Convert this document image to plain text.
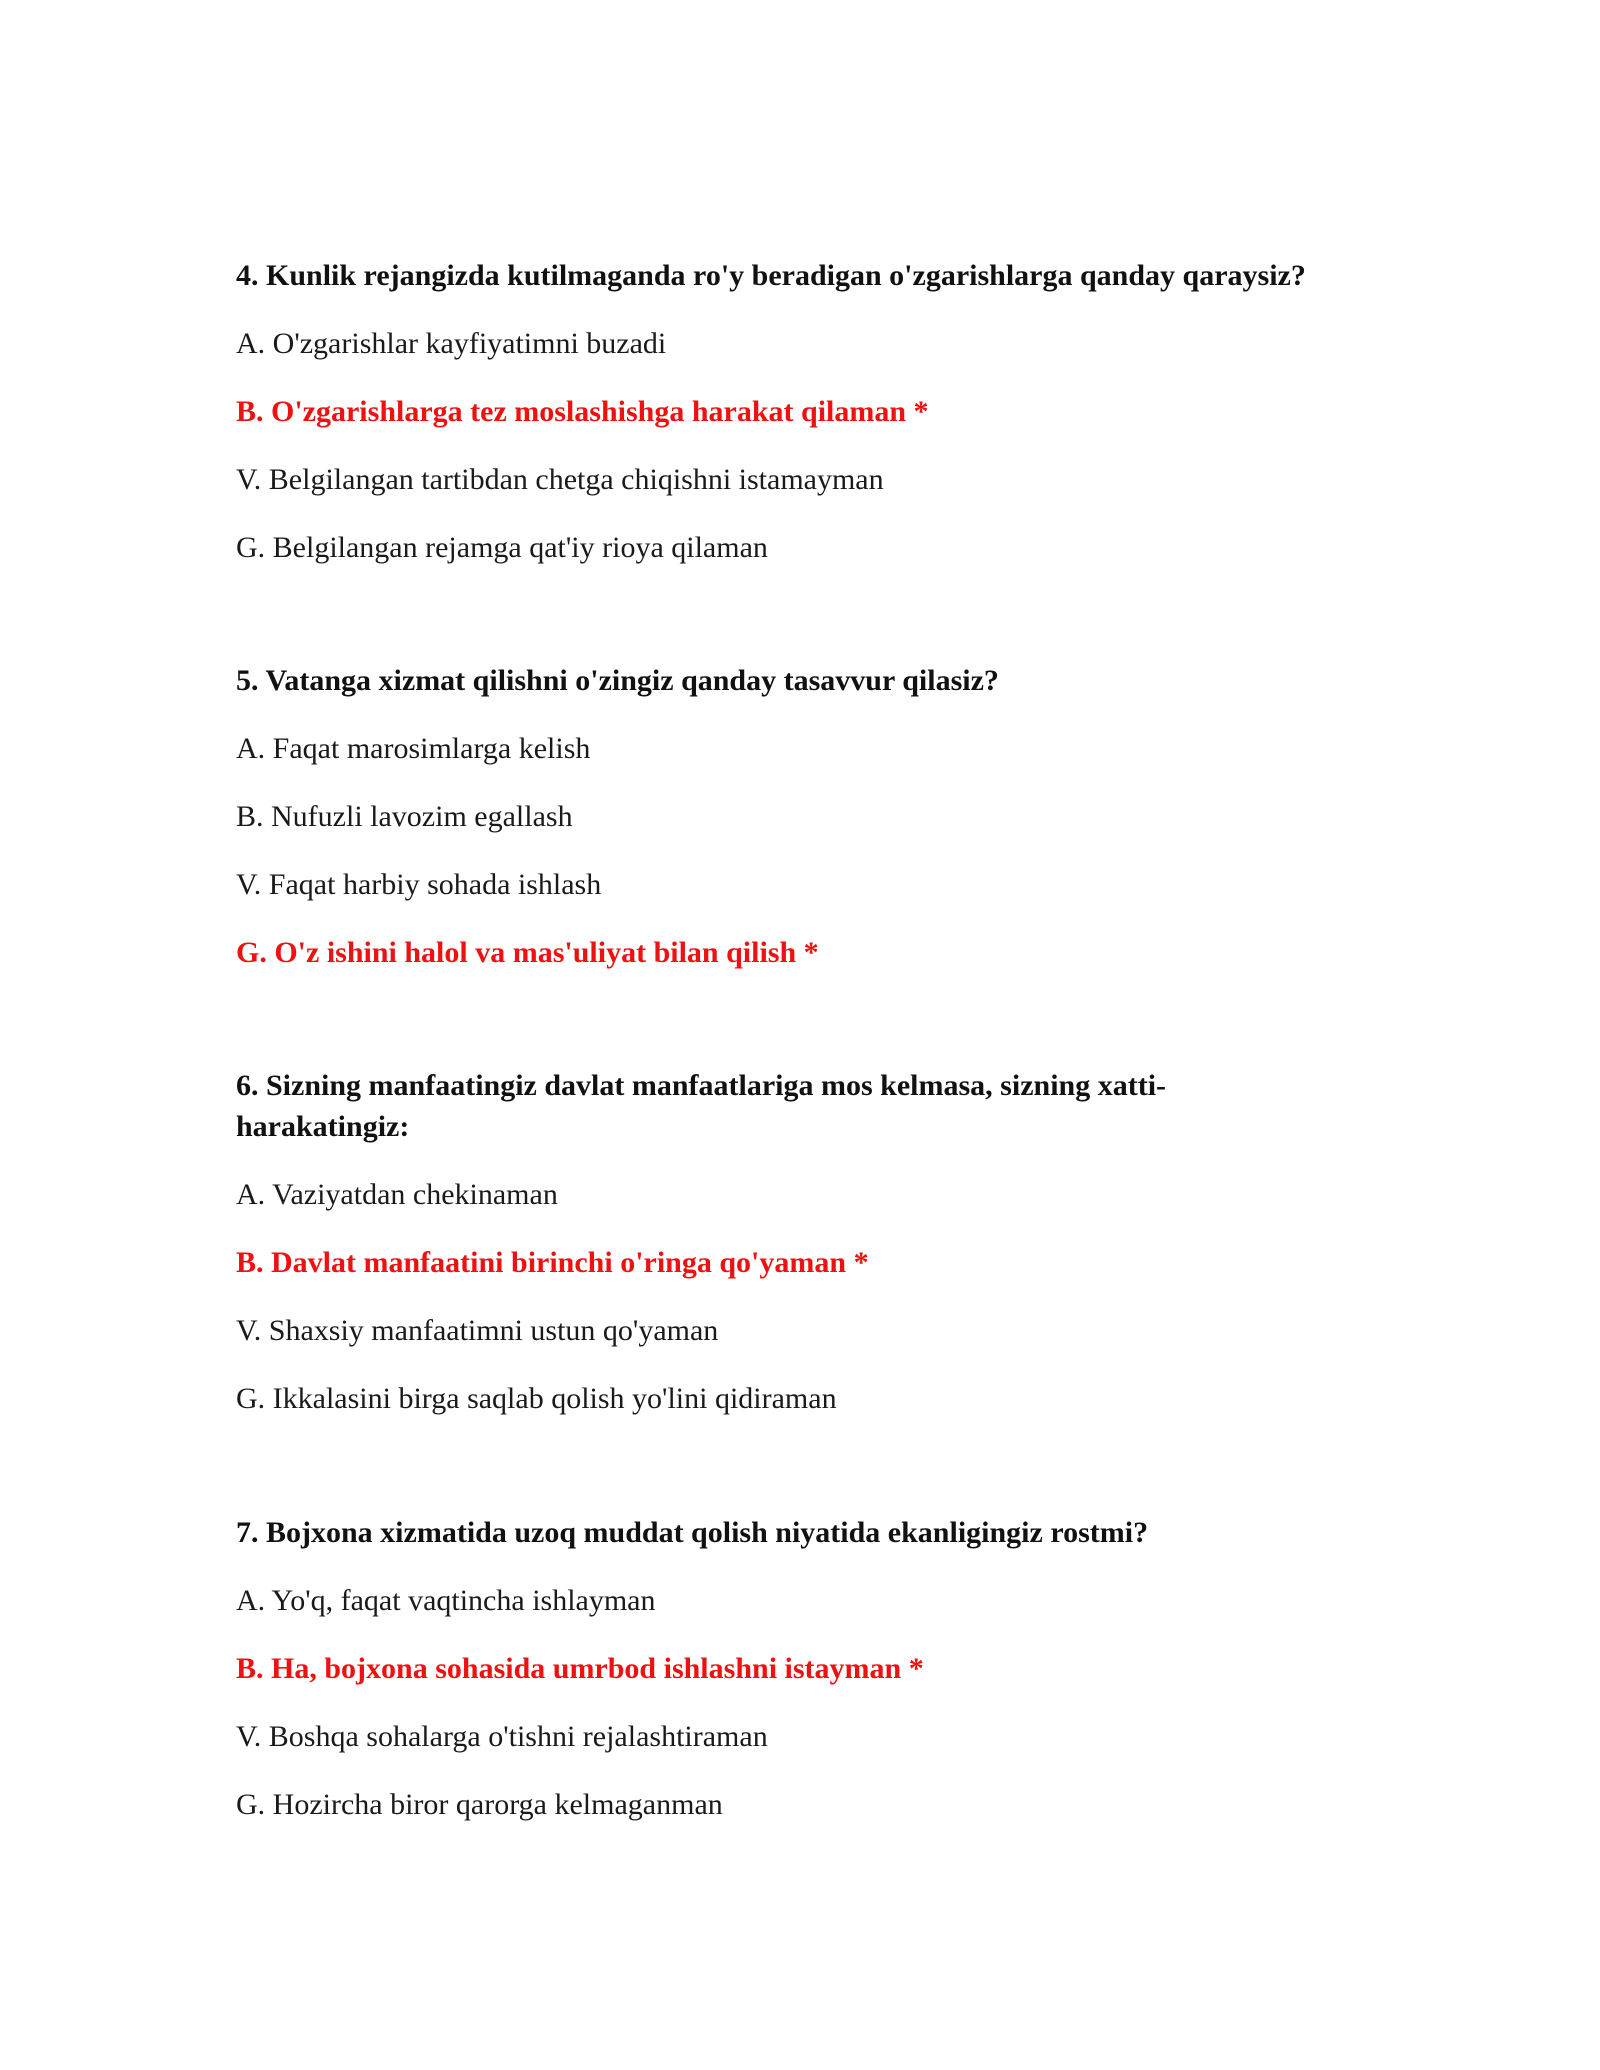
4. Kunlik rejangizda kutilmaganda ro'y beradigan o'zgarishlarga qanday qaraysiz?
A. O'zgarishlar kayfiyatimni buzadi
B. O'zgarishlarga tez moslashishga harakat qilaman *
V. Belgilangan tartibdan chetga chiqishni istamayman
G. Belgilangan rejamga qat'iy rioya qilaman
5. Vatanga xizmat qilishni o'zingiz qanday tasavvur qilasiz?
A. Faqat marosimlarga kelish
B. Nufuzli lavozim egallash
V. Faqat harbiy sohada ishlash
G. O'z ishini halol va mas'uliyat bilan qilish *
6. Sizning manfaatingiz davlat manfaatlariga mos kelmasa, sizning xatti-
harakatingiz:
A. Vaziyatdan chekinaman
B. Davlat manfaatini birinchi o'ringa qo'yaman *
V. Shaxsiy manfaatimni ustun qo'yaman
G. Ikkalasini birga saqlab qolish yo'lini qidiraman
7. Bojxona xizmatida uzoq muddat qolish niyatida ekanligingiz rostmi?
A. Yo'q, faqat vaqtincha ishlayman
B. Ha, bojxona sohasida umrbod ishlashni istayman *
V. Boshqa sohalarga o'tishni rejalashtiraman
G. Hozircha biror qarorga kelmaganman
